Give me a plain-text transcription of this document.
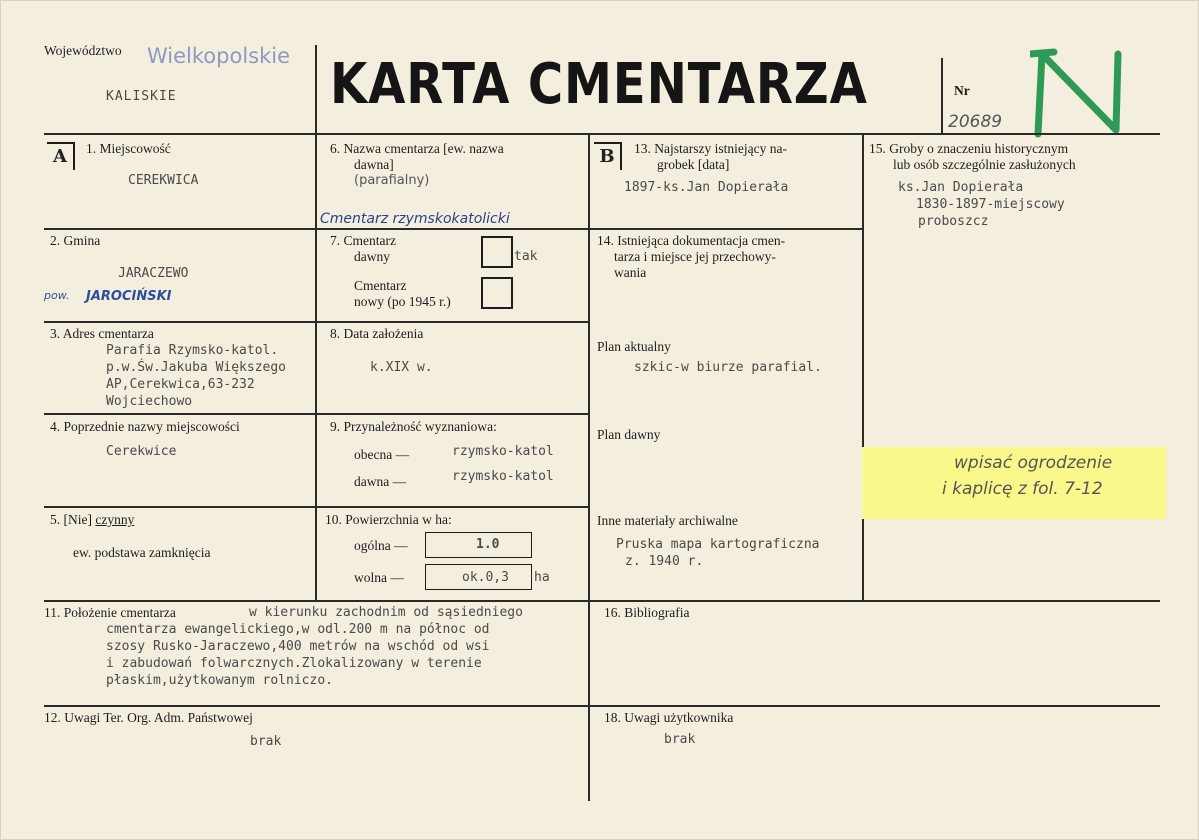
Województwo Wielkopolskie
KALISKIE	KARTA CMENTARZA	Nr
20689
A	B
1. Miejscowość
CEREKWICA
2. Gmina
JARACZEWO
pow. JAROCIŃSKI
3. Adres cmentarza
Parafia Rzymsko-katol.
p.w.Św.Jakuba Większego
AP,Cerekwica,63-232
Wojciechowo
4. Poprzednie nazwy miejscowości
Cerekwice
5. [Nie] czynny
ew. podstawa zamknięcia
6. Nazwa cmentarza [ew. nazwa
dawna]
(parafialny)
Cmentarz rzymskokatolicki
7. Cmentarz
dawny	tak
Cmentarz
nowy (po 1945 r.)
8. Data założenia
k.XIX w.
9. Przynależność wyznaniowa:
obecna —	rzymsko-katol
dawna —	rzymsko-katol
10. Powierzchnia w ha:
ogólna —	1.0
wolna —	ok.0,3 ha
11. Położenie cmentarza	w kierunku zachodnim od sąsiedniego
cmentarza ewangelickiego,w odl.200 m na północ od
szosy Rusko-Jaraczewo,400 metrów na wschód od wsi
i zabudowań folwarcznych.Zlokalizowany w terenie
płaskim,użytkowanym rolniczo.
12. Uwagi Ter. Org. Adm. Państwowej
brak
13. Najstarszy istniejący na-
grobek [data]
1897-ks.Jan Dopierała
14. Istniejąca dokumentacja cmen-
tarza i miejsce jej przechowy-
wania
Plan aktualny
szkic-w biurze parafial.
Plan dawny
Inne materiały archiwalne
Pruska mapa kartograficzna
z. 1940 r.
15. Groby o znaczeniu historycznym
lub osób szczególnie zasłużonych
ks.Jan Dopierała
1830-1897-miejscowy
proboszcz
wpisać ogrodzenie
i kaplicę z fol. 7-12
16. Bibliografia
18. Uwagi użytkownika
brak
